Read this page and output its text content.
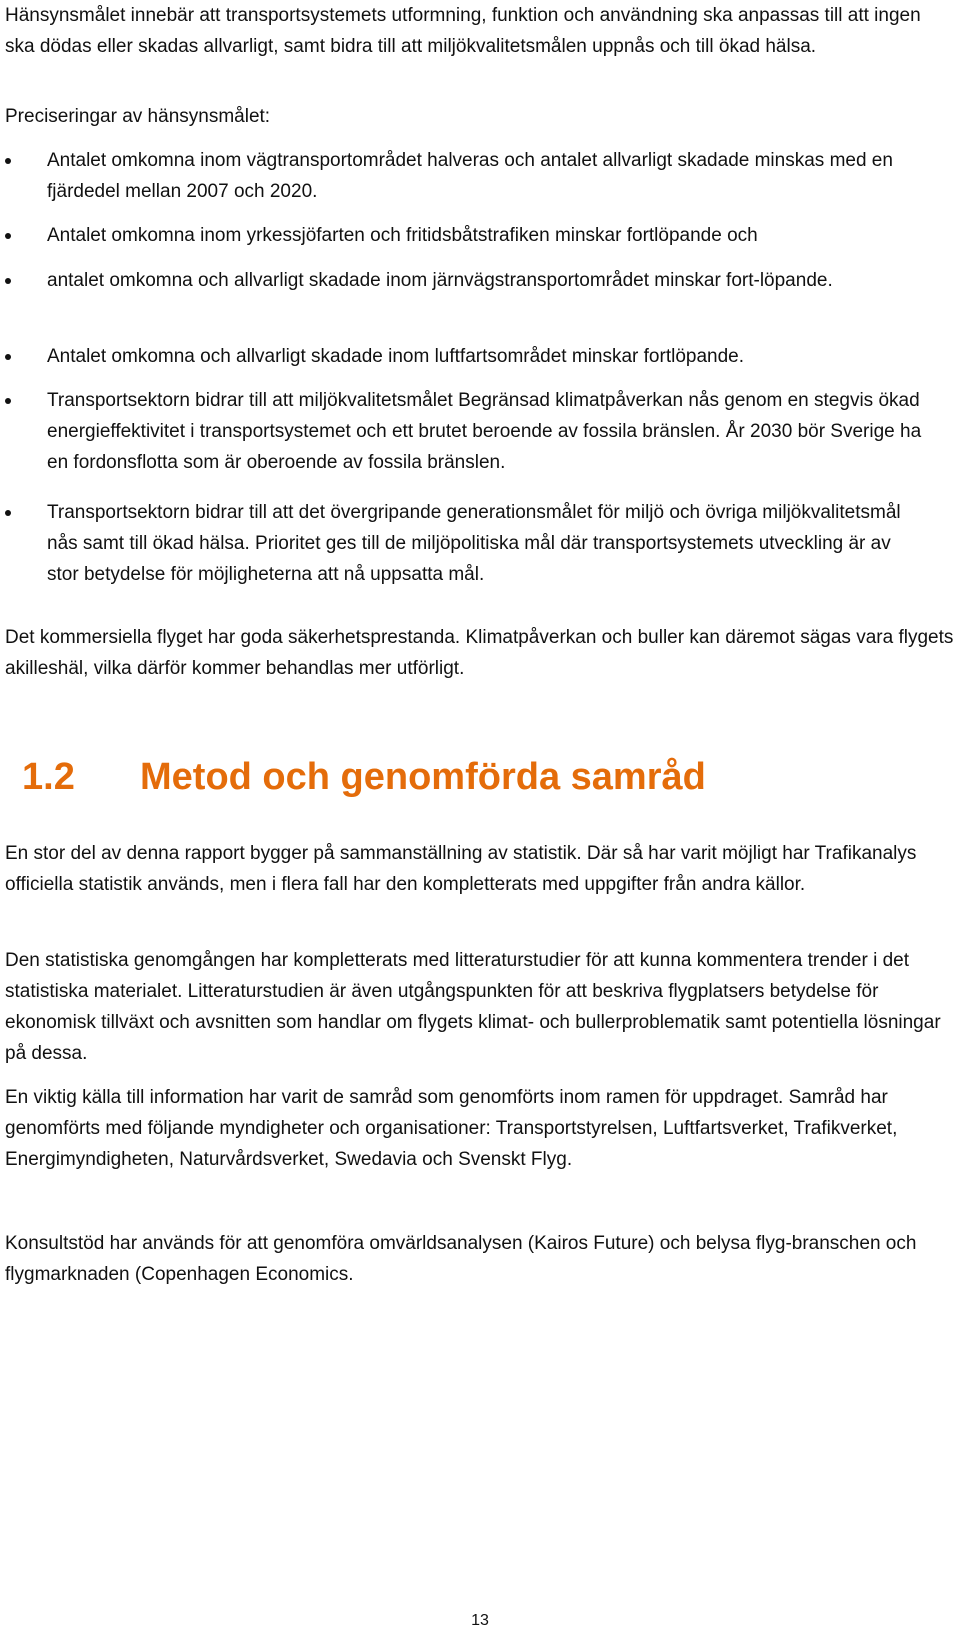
Hänsynsmålet innebär att transportsystemets utformning, funktion och användning ska anpassas till att ingen ska dödas eller skadas allvarligt, samt bidra till att miljökvalitetsmålen uppnås och till ökad hälsa.

Preciseringar av hänsynsmålet:

Antalet omkomna inom vägtransportområdet halveras och antalet allvarligt skadade minskas med en fjärdedel mellan 2007 och 2020.
Antalet omkomna inom yrkessjöfarten och fritidsbåtstrafiken minskar fortlöpande och
antalet omkomna och allvarligt skadade inom järnvägstransportområdet minskar fort-löpande.
Antalet omkomna och allvarligt skadade inom luftfartsområdet minskar fortlöpande.
Transportsektorn bidrar till att miljökvalitetsmålet Begränsad klimatpåverkan nås genom en stegvis ökad energieffektivitet i transportsystemet och ett brutet beroende av fossila bränslen. År 2030 bör Sverige ha en fordonsflotta som är oberoende av fossila bränslen.
Transportsektorn bidrar till att det övergripande generationsmålet för miljö och övriga miljökvalitetsmål nås samt till ökad hälsa. Prioritet ges till de miljöpolitiska mål där transportsystemets utveckling är av stor betydelse för möjligheterna att nå uppsatta mål.

Det kommersiella flyget har goda säkerhetsprestanda. Klimatpåverkan och buller kan däremot sägas vara flygets akilleshäl, vilka därför kommer behandlas mer utförligt.

1.2 Metod och genomförda samråd

En stor del av denna rapport bygger på sammanställning av statistik. Där så har varit möjligt har Trafikanalys officiella statistik används, men i flera fall har den kompletterats med uppgifter från andra källor.

Den statistiska genomgången har kompletterats med litteraturstudier för att kunna kommentera trender i det statistiska materialet. Litteraturstudien är även utgångspunkten för att beskriva flygplatsers betydelse för ekonomisk tillväxt och avsnitten som handlar om flygets klimat- och bullerproblematik samt potentiella lösningar på dessa.

En viktig källa till information har varit de samråd som genomförts inom ramen för uppdraget. Samråd har genomförts med följande myndigheter och organisationer: Transportstyrelsen, Luftfartsverket, Trafikverket, Energimyndigheten, Naturvårdsverket, Swedavia och Svenskt Flyg.

Konsultstöd har används för att genomföra omvärldsanalysen (Kairos Future) och belysa flyg-branschen och flygmarknaden (Copenhagen Economics.

13
